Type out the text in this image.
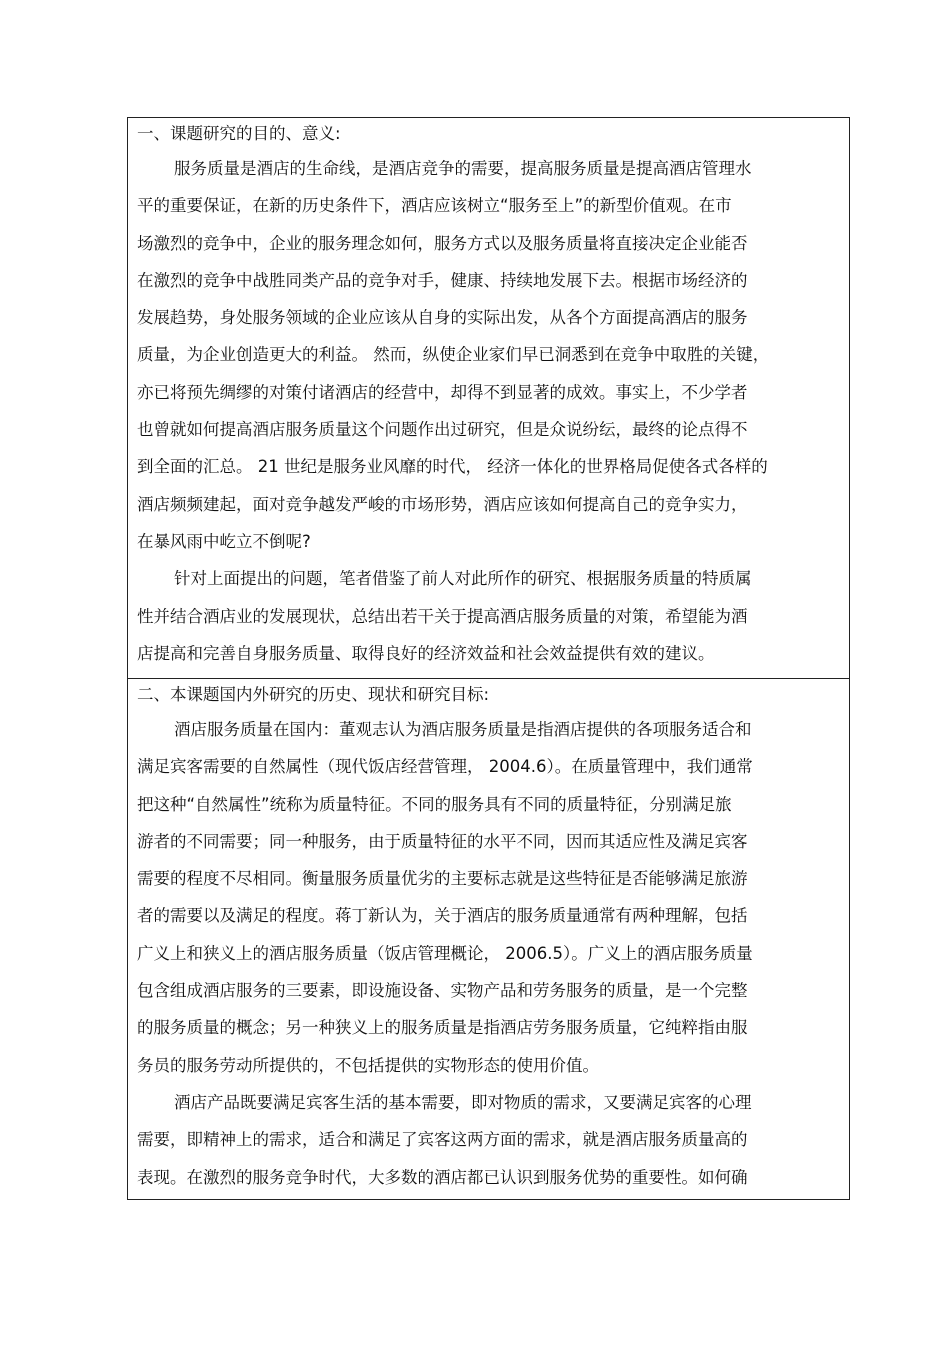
一、课题研究的目的、意义:
服务质量是酒店的生命线，是酒店竞争的需要，提高服务质量是提高酒店管理水
平的重要保证，在新的历史条件下，酒店应该树立“服务至上”的新型价值观。在市
场激烈的竞争中，企业的服务理念如何，服务方式以及服务质量将直接决定企业能否
在激烈的竞争中战胜同类产品的竞争对手，健康、持续地发展下去。根据市场经济的
发展趋势，身处服务领域的企业应该从自身的实际出发，从各个方面提高酒店的服务
质量，为企业创造更大的利益。 然而，纵使企业家们早已洞悉到在竞争中取胜的关键，
亦已将预先绸缪的对策付诸酒店的经营中，却得不到显著的成效。事实上，不少学者
也曾就如何提高酒店服务质量这个问题作出过研究，但是众说纷纭，最终的论点得不
到全面的汇总。 21 世纪是服务业风靡的时代， 经济一体化的世界格局促使各式各样的
酒店频频建起，面对竞争越发严峻的市场形势，酒店应该如何提高自己的竞争实力，
在暴风雨中屹立不倒呢?
针对上面提出的问题，笔者借鉴了前人对此所作的研究、根据服务质量的特质属
性并结合酒店业的发展现状，总结出若干关于提高酒店服务质量的对策，希望能为酒
店提高和完善自身服务质量、取得良好的经济效益和社会效益提供有效的建议。
二、本课题国内外研究的历史、现状和研究目标:
酒店服务质量在国内：董观志认为酒店服务质量是指酒店提供的各项服务适合和
满足宾客需要的自然属性（现代饭店经营管理， 2004.6）。在质量管理中，我们通常
把这种“自然属性”统称为质量特征。不同的服务具有不同的质量特征，分别满足旅
游者的不同需要；同一种服务，由于质量特征的水平不同，因而其适应性及满足宾客
需要的程度不尽相同。衡量服务质量优劣的主要标志就是这些特征是否能够满足旅游
者的需要以及满足的程度。蒋丁新认为，关于酒店的服务质量通常有两种理解，包括
广义上和狭义上的酒店服务质量（饭店管理概论， 2006.5）。广义上的酒店服务质量
包含组成酒店服务的三要素，即设施设备、实物产品和劳务服务的质量，是一个完整
的服务质量的概念；另一种狭义上的服务质量是指酒店劳务服务质量，它纯粹指由服
务员的服务劳动所提供的，不包括提供的实物形态的使用价值。
酒店产品既要满足宾客生活的基本需要，即对物质的需求，又要满足宾客的心理
需要，即精神上的需求，适合和满足了宾客这两方面的需求，就是酒店服务质量高的
表现。在激烈的服务竞争时代，大多数的酒店都已认识到服务优势的重要性。如何确
